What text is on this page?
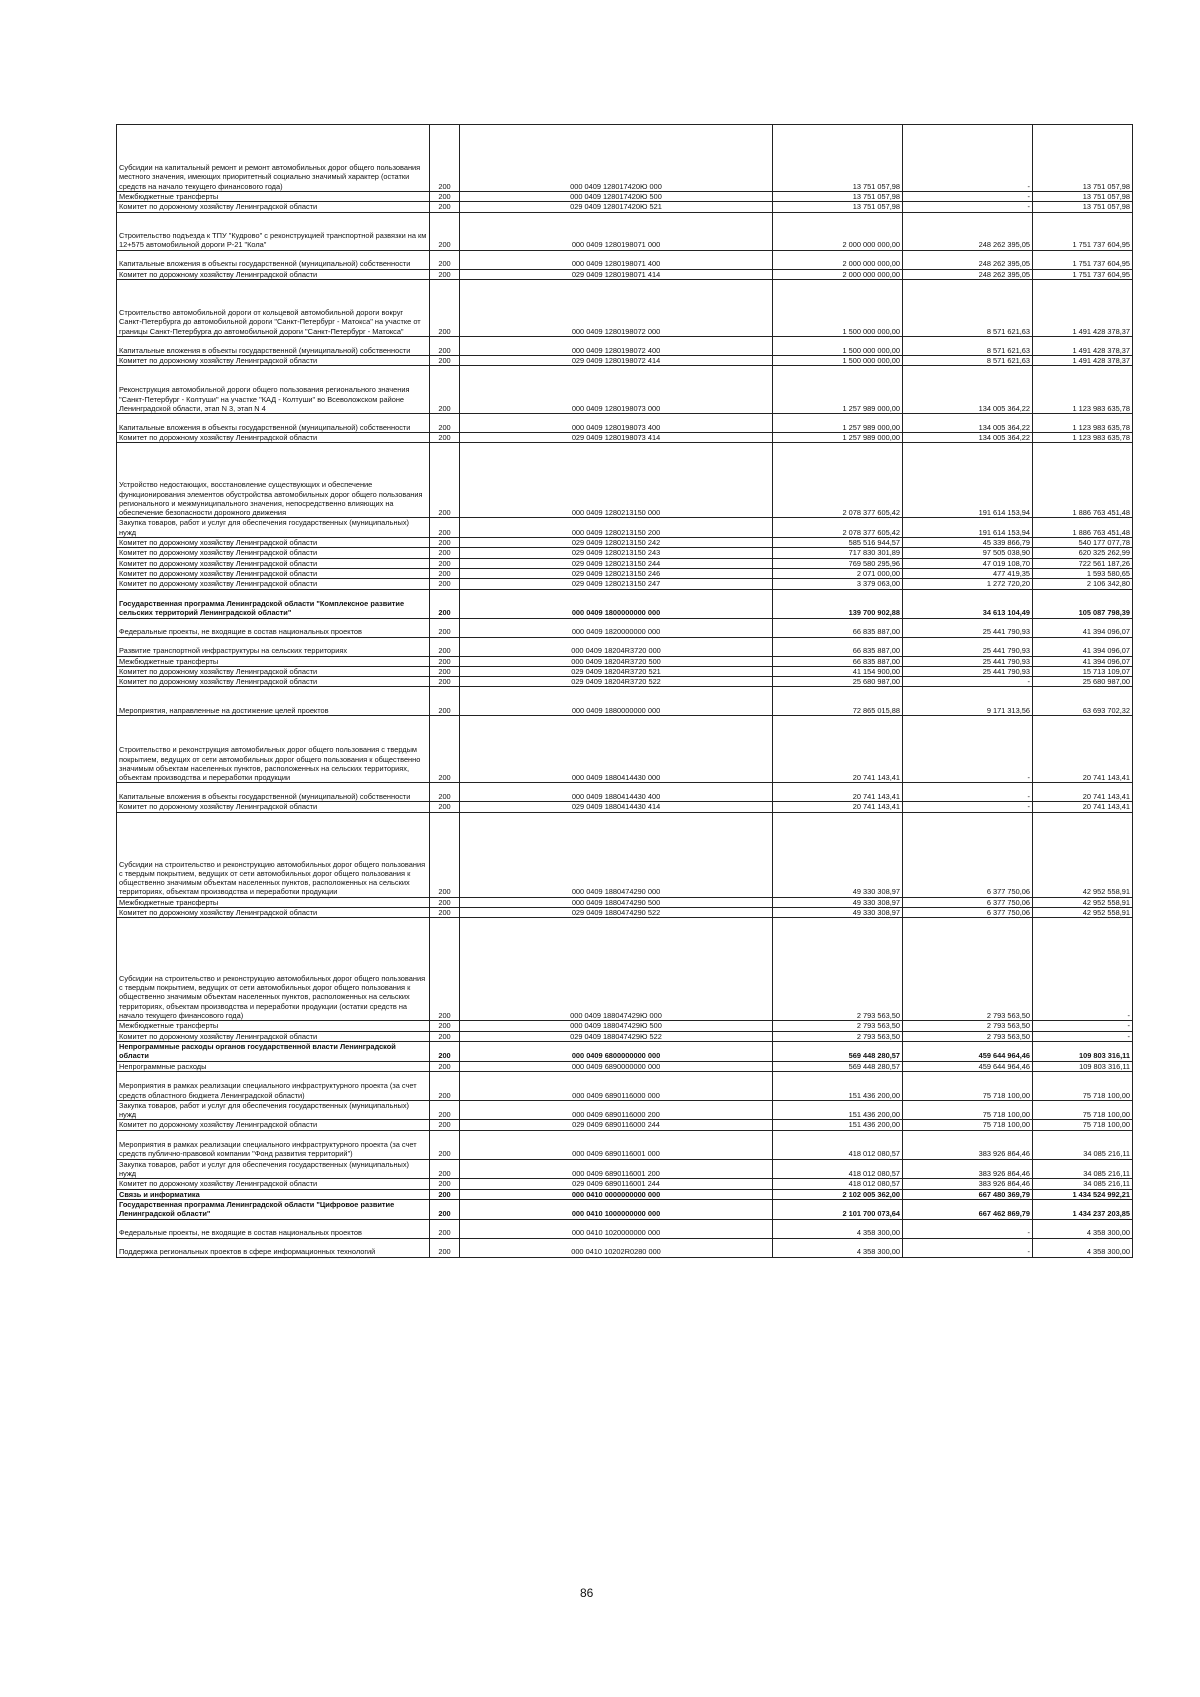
Субсидии на капитальный ремонт и ремонт автомобильных дорог общего пользования местного значения, имеющих приоритетный социально значимый характер (остатки средств на начало текущего финансового года)	200	000 0409 128017420Ю 000	13 751 057,98	-	13 751 057,98
Межбюджетные трансферты	200	000 0409 128017420Ю 500	13 751 057,98	-	13 751 057,98
Комитет по дорожному хозяйству Ленинградской области	200	029 0409 128017420Ю 521	13 751 057,98	-	13 751 057,98
Строительство подъезда к ТПУ "Кудрово" с реконструкцией транспортной развязки на км 12+575 автомобильной дороги Р-21 "Кола"	200	000 0409 1280198071 000	2 000 000 000,00	248 262 395,05	1 751 737 604,95
Капитальные вложения в объекты государственной (муниципальной) собственности	200	000 0409 1280198071 400	2 000 000 000,00	248 262 395,05	1 751 737 604,95
Комитет по дорожному хозяйству Ленинградской области	200	029 0409 1280198071 414	2 000 000 000,00	248 262 395,05	1 751 737 604,95
Строительство автомобильной дороги от кольцевой автомобильной дороги вокруг Санкт-Петербурга до автомобильной дороги "Санкт-Петербург - Матокса" на участке от границы Санкт-Петербурга до автомобильной дороги "Санкт-Петербург - Матокса"	200	000 0409 1280198072 000	1 500 000 000,00	8 571 621,63	1 491 428 378,37
Капитальные вложения в объекты государственной (муниципальной) собственности	200	000 0409 1280198072 400	1 500 000 000,00	8 571 621,63	1 491 428 378,37
Комитет по дорожному хозяйству Ленинградской области	200	029 0409 1280198072 414	1 500 000 000,00	8 571 621,63	1 491 428 378,37
Реконструкция автомобильной дороги общего пользования регионального значения "Санкт-Петербург - Колтуши" на участке "КАД - Колтуши" во Всеволожском районе Ленинградской области, этап N 3, этап N 4	200	000 0409 1280198073 000	1 257 989 000,00	134 005 364,22	1 123 983 635,78
Капитальные вложения в объекты государственной (муниципальной) собственности	200	000 0409 1280198073 400	1 257 989 000,00	134 005 364,22	1 123 983 635,78
Комитет по дорожному хозяйству Ленинградской области	200	029 0409 1280198073 414	1 257 989 000,00	134 005 364,22	1 123 983 635,78
Устройство недостающих, восстановление существующих и обеспечение функционирования элементов обустройства автомобильных дорог общего пользования регионального и межмуниципального значения, непосредственно влияющих на обеспечение безопасности дорожного движения	200	000 0409 1280213150 000	2 078 377 605,42	191 614 153,94	1 886 763 451,48
Закупка товаров, работ и услуг для обеспечения государственных (муниципальных) нужд	200	000 0409 1280213150 200	2 078 377 605,42	191 614 153,94	1 886 763 451,48
Комитет по дорожному хозяйству Ленинградской области	200	029 0409 1280213150 242	585 516 944,57	45 339 866,79	540 177 077,78
Комитет по дорожному хозяйству Ленинградской области	200	029 0409 1280213150 243	717 830 301,89	97 505 038,90	620 325 262,99
Комитет по дорожному хозяйству Ленинградской области	200	029 0409 1280213150 244	769 580 295,96	47 019 108,70	722 561 187,26
Комитет по дорожному хозяйству Ленинградской области	200	029 0409 1280213150 246	2 071 000,00	477 419,35	1 593 580,65
Комитет по дорожному хозяйству Ленинградской области	200	029 0409 1280213150 247	3 379 063,00	1 272 720,20	2 106 342,80
Государственная программа Ленинградской области "Комплексное развитие сельских территорий Ленинградской области"	200	000 0409 1800000000 000	139 700 902,88	34 613 104,49	105 087 798,39
Федеральные проекты, не входящие в состав национальных проектов	200	000 0409 1820000000 000	66 835 887,00	25 441 790,93	41 394 096,07
Развитие транспортной инфраструктуры на сельских территориях	200	000 0409 18204R3720 000	66 835 887,00	25 441 790,93	41 394 096,07
Межбюджетные трансферты	200	000 0409 18204R3720 500	66 835 887,00	25 441 790,93	41 394 096,07
Комитет по дорожному хозяйству Ленинградской области	200	029 0409 18204R3720 521	41 154 900,00	25 441 790,93	15 713 109,07
Комитет по дорожному хозяйству Ленинградской области	200	029 0409 18204R3720 522	25 680 987,00	-	25 680 987,00
Мероприятия, направленные на достижение целей проектов	200	000 0409 1880000000 000	72 865 015,88	9 171 313,56	63 693 702,32
Строительство и реконструкция автомобильных дорог общего пользования с твердым покрытием, ведущих от сети автомобильных дорог общего пользования к общественно значимым объектам населенных пунктов, расположенных на сельских территориях, объектам производства и переработки продукции	200	000 0409 1880414430 000	20 741 143,41	-	20 741 143,41
Капитальные вложения в объекты государственной (муниципальной) собственности	200	000 0409 1880414430 400	20 741 143,41	-	20 741 143,41
Комитет по дорожному хозяйству Ленинградской области	200	029 0409 1880414430 414	20 741 143,41	-	20 741 143,41
Субсидии на строительство и реконструкцию автомобильных дорог общего пользования с твердым покрытием, ведущих от сети автомобильных дорог общего пользования к общественно значимым объектам населенных пунктов, расположенных на сельских территориях, объектам производства и переработки продукции	200	000 0409 1880474290 000	49 330 308,97	6 377 750,06	42 952 558,91
Межбюджетные трансферты	200	000 0409 1880474290 500	49 330 308,97	6 377 750,06	42 952 558,91
Комитет по дорожному хозяйству Ленинградской области	200	029 0409 1880474290 522	49 330 308,97	6 377 750,06	42 952 558,91
Субсидии на строительство и реконструкцию автомобильных дорог общего пользования с твердым покрытием, ведущих от сети автомобильных дорог общего пользования к общественно значимым объектам населенных пунктов, расположенных на сельских территориях, объектам производства и переработки продукции (остатки средств на начало текущего финансового года)	200	000 0409 188047429Ю 000	2 793 563,50	2 793 563,50	-
Межбюджетные трансферты	200	000 0409 188047429Ю 500	2 793 563,50	2 793 563,50	-
Комитет по дорожному хозяйству Ленинградской области	200	029 0409 188047429Ю 522	2 793 563,50	2 793 563,50	-
Непрограммные расходы органов государственной власти Ленинградской области	200	000 0409 6800000000 000	569 448 280,57	459 644 964,46	109 803 316,11
Непрограммные расходы	200	000 0409 6890000000 000	569 448 280,57	459 644 964,46	109 803 316,11
Мероприятия в рамках реализации специального инфраструктурного проекта (за счет средств областного бюджета Ленинградской области)	200	000 0409 6890116000 000	151 436 200,00	75 718 100,00	75 718 100,00
Закупка товаров, работ и услуг для обеспечения государственных (муниципальных) нужд	200	000 0409 6890116000 200	151 436 200,00	75 718 100,00	75 718 100,00
Комитет по дорожному хозяйству Ленинградской области	200	029 0409 6890116000 244	151 436 200,00	75 718 100,00	75 718 100,00
Мероприятия в рамках реализации специального инфраструктурного проекта (за счет средств публично-правовой компании "Фонд развития территорий")	200	000 0409 6890116001 000	418 012 080,57	383 926 864,46	34 085 216,11
Закупка товаров, работ и услуг для обеспечения государственных (муниципальных) нужд	200	000 0409 6890116001 200	418 012 080,57	383 926 864,46	34 085 216,11
Комитет по дорожному хозяйству Ленинградской области	200	029 0409 6890116001 244	418 012 080,57	383 926 864,46	34 085 216,11
Связь и информатика	200	000 0410 0000000000 000	2 102 005 362,00	667 480 369,79	1 434 524 992,21
Государственная программа Ленинградской области "Цифровое развитие Ленинградской области"	200	000 0410 1000000000 000	2 101 700 073,64	667 462 869,79	1 434 237 203,85
Федеральные проекты, не входящие в состав национальных проектов	200	000 0410 1020000000 000	4 358 300,00	-	4 358 300,00
Поддержка региональных проектов в сфере информационных технологий	200	000 0410 10202R0280 000	4 358 300,00	-	4 358 300,00
86
